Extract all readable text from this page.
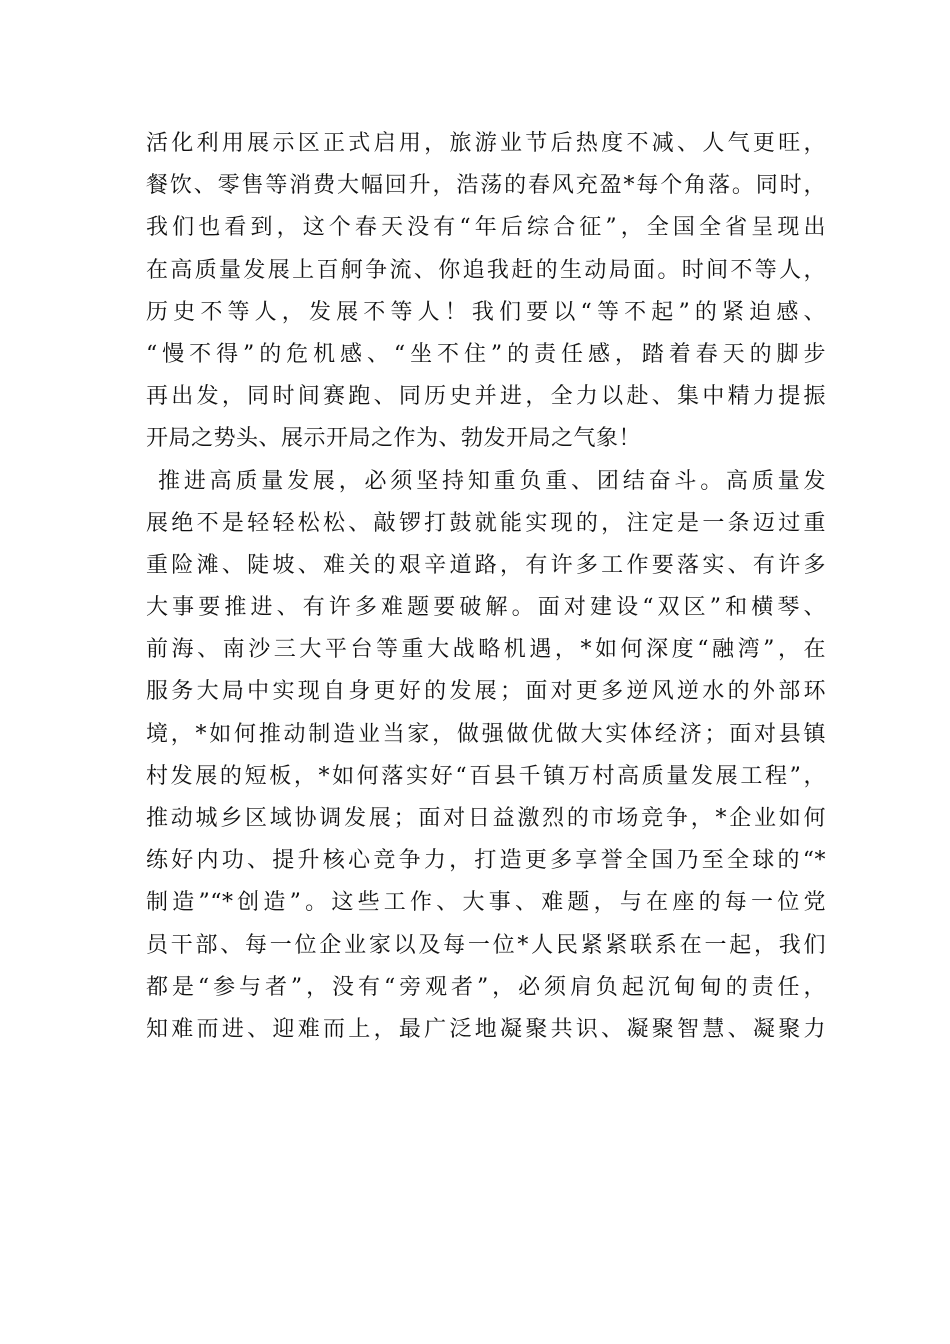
活化利用展示区正式启用，旅游业节后热度不减、人气更旺，
餐饮、零售等消费大幅回升，浩荡的春风充盈*每个角落。同时，
我们也看到，这个春天没有“年后综合征”，全国全省呈现出
在高质量发展上百舸争流、你追我赶的生动局面。时间不等人，
历史不等人，发展不等人！我们要以“等不起”的紧迫感、
“慢不得”的危机感、“坐不住”的责任感，踏着春天的脚步
再出发，同时间赛跑、同历史并进，全力以赴、集中精力提振
开局之势头、展示开局之作为、勃发开局之气象！
推进高质量发展，必须坚持知重负重、团结奋斗。高质量发
展绝不是轻轻松松、敲锣打鼓就能实现的，注定是一条迈过重
重险滩、陡坡、难关的艰辛道路，有许多工作要落实、有许多
大事要推进、有许多难题要破解。面对建设“双区”和横琴、
前海、南沙三大平台等重大战略机遇，*如何深度“融湾”，在
服务大局中实现自身更好的发展；面对更多逆风逆水的外部环
境，*如何推动制造业当家，做强做优做大实体经济；面对县镇
村发展的短板，*如何落实好“百县千镇万村高质量发展工程”，
推动城乡区域协调发展；面对日益激烈的市场竞争，*企业如何
练好内功、提升核心竞争力，打造更多享誉全国乃至全球的“*
制造”“*创造”。这些工作、大事、难题，与在座的每一位党
员干部、每一位企业家以及每一位*人民紧紧联系在一起，我们
都是“参与者”，没有“旁观者”，必须肩负起沉甸甸的责任，
知难而进、迎难而上，最广泛地凝聚共识、凝聚智慧、凝聚力
